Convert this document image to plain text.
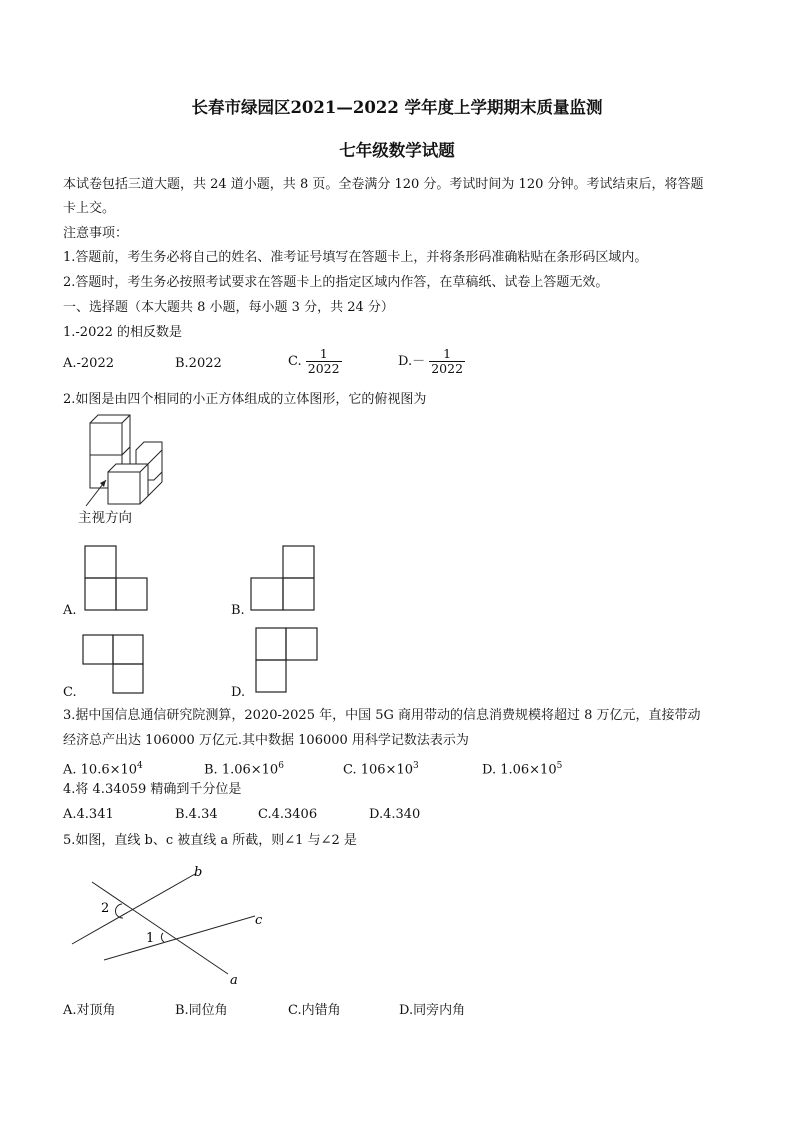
长春市绿园区2021—2022 学年度上学期期末质量监测
七年级数学试题
本试卷包括三道大题，共 24 道小题，共 8 页。全卷满分 120 分。考试时间为 120 分钟。考试结束后，将答题
卡上交。
注意事项：
1.答题前，考生务必将自己的姓名、准考证号填写在答题卡上，并将条形码准确粘贴在条形码区域内。
2.答题时，考生务必按照考试要求在答题卡上的指定区域内作答，在草稿纸、试卷上答题无效。
一、选择题（本大题共 8 小题，每小题 3 分，共 24 分）
1.-2022 的相反数是
A.-2022	B.2022	C. $\frac{1}{2022}$	$D.- \frac{1}{2022}$
2.如图是由四个相同的小正方体组成的立体图形，它的俯视图为
主视方向
A.	B.
C.	D.
3.据中国信息通信研究院测算，2020-2025 年，中国 5G 商用带动的信息消费规模将超过 8 万亿元，直接带动
经济总产出达 106000 万亿元.其中数据 106000 用科学记数法表示为
A. $10.6\times 10^4$	B. $1.06\times 10^6$	C. $106\times 10^3$	D. $1.06\times 10^5$
4.将 4.34059 精确到千分位是
A.4.341	B.4.34	C.4.3406	D.4.340
5.如图，直线 b、c 被直线 a 所截，则∠1 与∠2 是
b
c
a
2
1
A.对顶角	B.同位角	C.内错角	D.同旁内角
